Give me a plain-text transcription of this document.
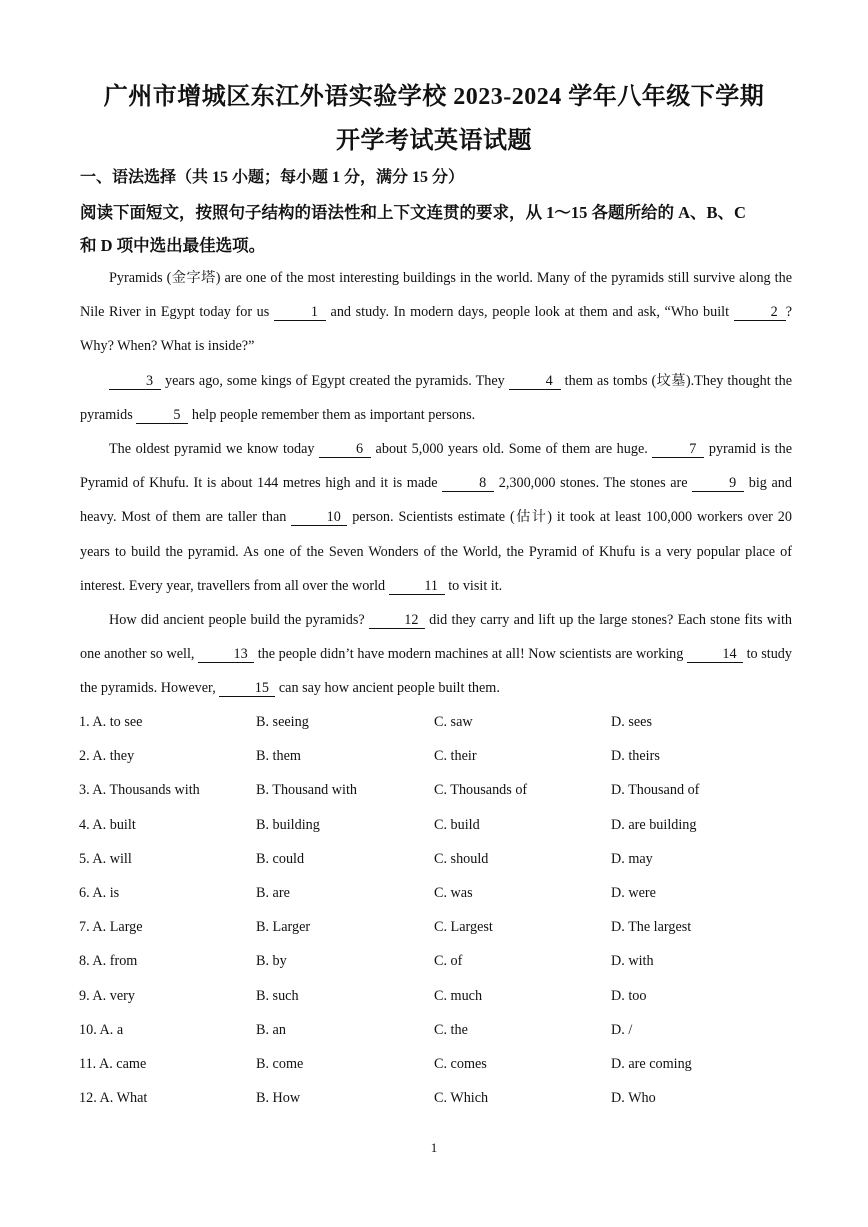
广州市增城区东江外语实验学校 2023-2024 学年八年级下学期
开学考试英语试题
一、语法选择（共 15 小题；每小题 1 分，满分 15 分）
阅读下面短文，按照句子结构的语法性和上下文连贯的要求，从 1～15 各题所给的 A、B、C
和 D 项中选出最佳选项。

Pyramids (金字塔) are one of the most interesting buildings in the world. Many of the pyramids still survive along the Nile River in Egypt today for us	1 and study. In modern days, people look at them and ask, “Who built	2 ? Why? When? What is inside?”

3 years ago, some kings of Egypt created the pyramids. They	4 them as tombs (坟墓).They thought the pyramids	5 help people remember them as important persons.

The oldest pyramid we know today	6 about 5,000 years old. Some of them are huge.	7 pyramid is the Pyramid of Khufu. It is about 144 metres high and it is made	8 2,300,000 stones. The stones are	9 big and heavy. Most of them are taller than 10 person. Scientists estimate (估计) it took at least 100,000 workers over 20 years to build the pyramid. As one of the Seven Wonders of the World, the Pyramid of Khufu is a very popular place of interest. Every year, travellers from all over the world	11 to visit it.

How did ancient people build the pyramids? 12 did they carry and lift up the large stones? Each stone fits with one another so well, 13 the people didn’t have modern machines at all! Now scientists are working 14 to study the pyramids. However, 15 can say how ancient people built them.

1. A. to see	B. seeing	C. saw	D. sees
2. A. they	B. them	C. their	D. theirs
3. A. Thousands with	B. Thousand with	C. Thousands of	D. Thousand of
4. A. built	B. building	C. build	D. are building
5. A. will	B. could	C. should	D. may
6. A. is	B. are	C. was	D. were
7. A. Large	B. Larger	C. Largest	D. The largest
8. A. from	B. by	C. of	D. with
9. A. very	B. such	C. much	D. too
10. A. a	B. an	C. the	D. /
11. A. came	B. come	C. comes	D. are coming
12. A. What	B. How	C. Which	D. Who
1
